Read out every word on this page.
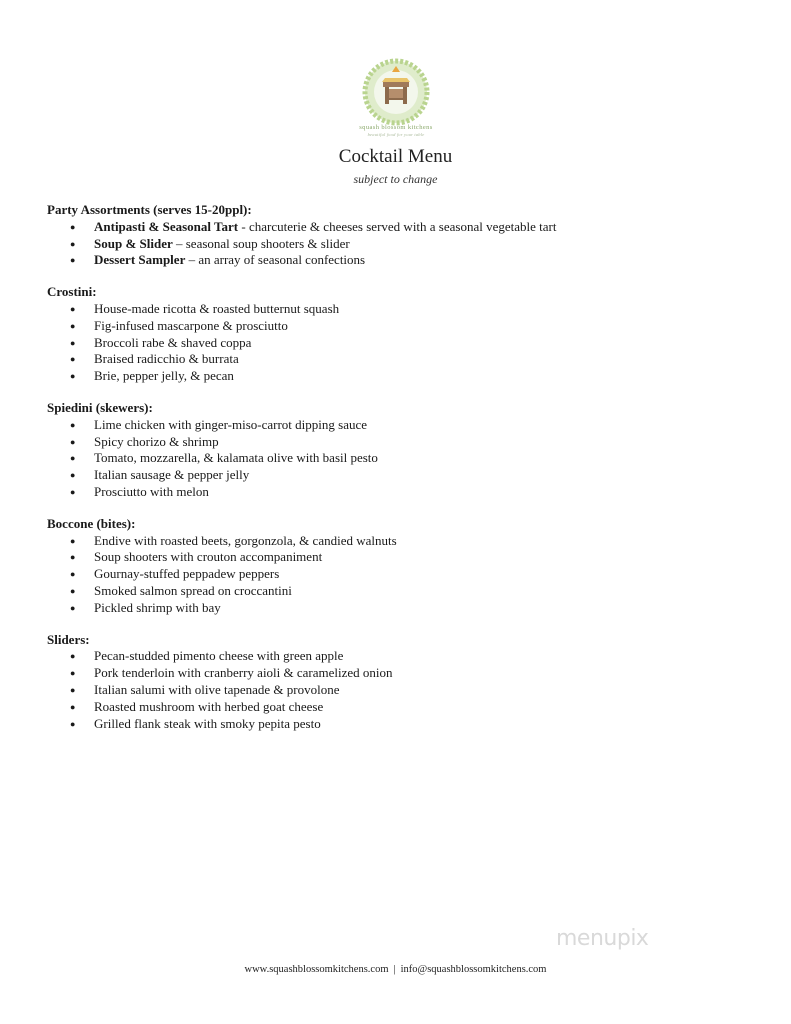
squash blossom kitchens
beautiful food for your table
Cocktail Menu
subject to change
Party Assortments (serves 15-20ppl):
● Antipasti & Seasonal Tart - charcuterie & cheeses served with a seasonal vegetable tart
● Soup & Slider – seasonal soup shooters & slider
● Dessert Sampler – an array of seasonal confections
Crostini:
● House-made ricotta & roasted butternut squash
● Fig-infused mascarpone & prosciutto
● Broccoli rabe & shaved coppa
● Braised radicchio & burrata
● Brie, pepper jelly, & pecan
Spiedini (skewers):
● Lime chicken with ginger-miso-carrot dipping sauce
● Spicy chorizo & shrimp
● Tomato, mozzarella, & kalamata olive with basil pesto
● Italian sausage & pepper jelly
● Prosciutto with melon
Boccone (bites):
● Endive with roasted beets, gorgonzola, & candied walnuts
● Soup shooters with crouton accompaniment
● Gournay-stuffed peppadew peppers
● Smoked salmon spread on croccantini
● Pickled shrimp with bay
Sliders:
● Pecan-studded pimento cheese with green apple
● Pork tenderloin with cranberry aioli & caramelized onion
● Italian salumi with olive tapenade & provolone
● Roasted mushroom with herbed goat cheese
● Grilled flank steak with smoky pepita pesto
menupix
www.squashblossomkitchens.com | info@squashblossomkitchens.com
